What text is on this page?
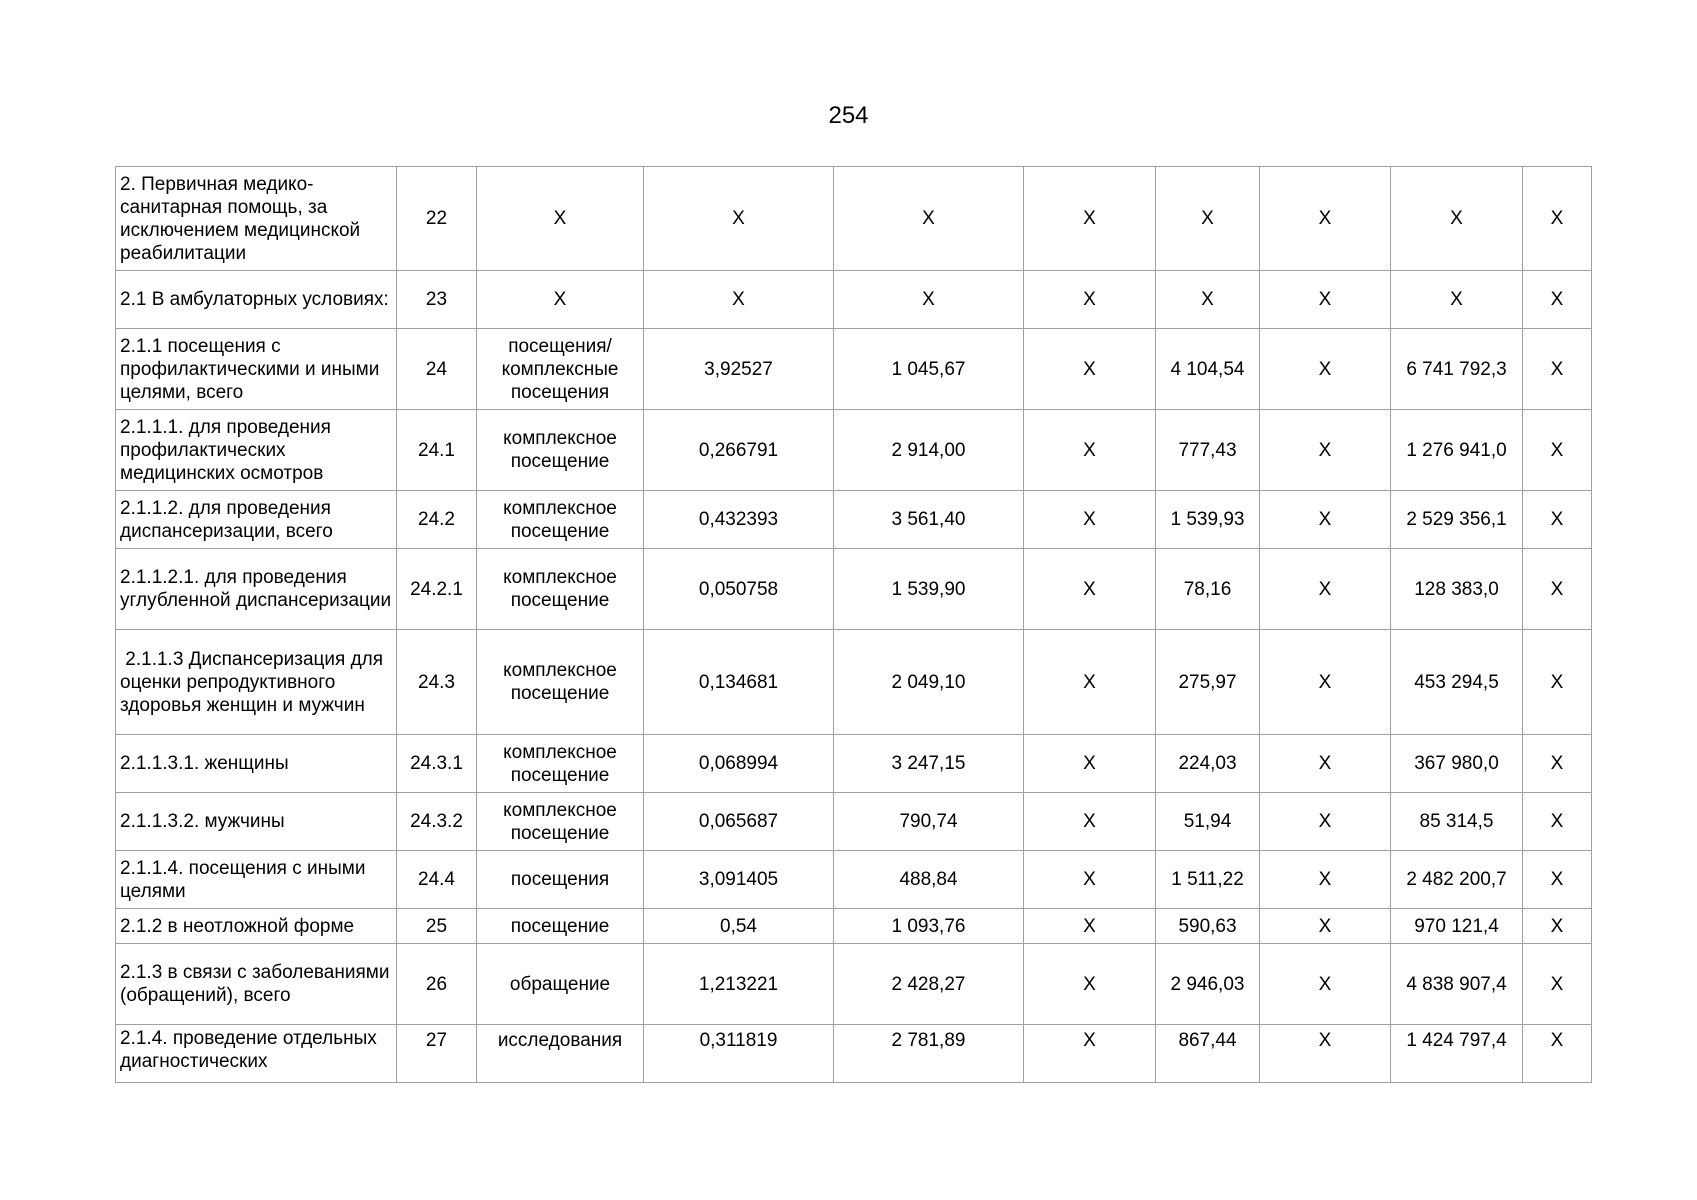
254
2. Первичная медико-санитарная помощь, за исключением медицинской реабилитации	22	Х	Х	Х	Х	Х	Х	Х	Х
2.1 В амбулаторных условиях:	23	Х	Х	Х	Х	Х	Х	Х	Х
2.1.1 посещения с профилактическими и иными целями, всего	24	посещения/ комплексные посещения	3,92527	1 045,67	Х	4 104,54	Х	6 741 792,3	Х
2.1.1.1. для проведения профилактических медицинских осмотров	24.1	комплексное посещение	0,266791	2 914,00	Х	777,43	Х	1 276 941,0	Х
2.1.1.2. для проведения диспансеризации, всего	24.2	комплексное посещение	0,432393	3 561,40	Х	1 539,93	Х	2 529 356,1	Х
2.1.1.2.1. для проведения углубленной диспансеризации	24.2.1	комплексное посещение	0,050758	1 539,90	Х	78,16	Х	128 383,0	Х
2.1.1.3 Диспансеризация для оценки репродуктивного здоровья женщин и мужчин	24.3	комплексное посещение	0,134681	2 049,10	Х	275,97	Х	453 294,5	Х
2.1.1.3.1. женщины	24.3.1	комплексное посещение	0,068994	3 247,15	Х	224,03	Х	367 980,0	Х
2.1.1.3.2. мужчины	24.3.2	комплексное посещение	0,065687	790,74	Х	51,94	Х	85 314,5	Х
2.1.1.4. посещения с иными целями	24.4	посещения	3,091405	488,84	Х	1 511,22	Х	2 482 200,7	Х
2.1.2 в неотложной форме	25	посещение	0,54	1 093,76	Х	590,63	Х	970 121,4	Х
2.1.3 в связи с заболеваниями (обращений), всего	26	обращение	1,213221	2 428,27	Х	2 946,03	Х	4 838 907,4	Х
2.1.4. проведение отдельных диагностических	27	исследования	0,311819	2 781,89	Х	867,44	Х	1 424 797,4	Х
